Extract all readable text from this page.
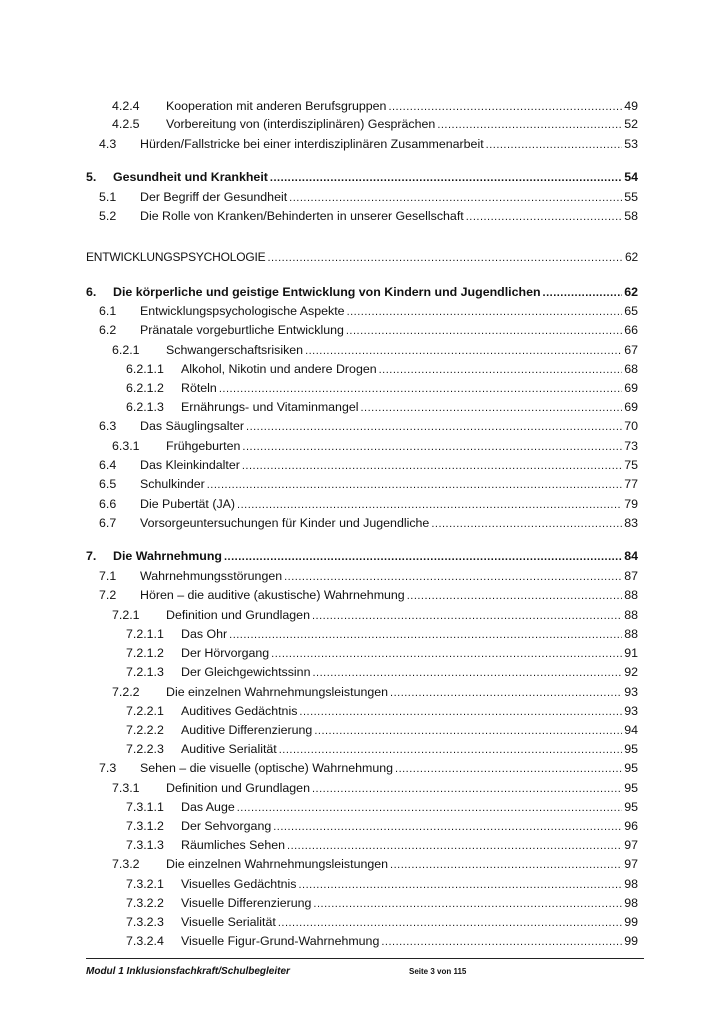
4.2.4 Kooperation mit anderen Berufsgruppen .....	49
4.2.5 Vorbereitung von (interdisziplinären) Gesprächen .....	52
4.3 Hürden/Fallstricke bei einer interdisziplinären Zusammenarbeit .....	53
5. Gesundheit und Krankheit .....	54
5.1 Der Begriff der Gesundheit .....	55
5.2 Die Rolle von Kranken/Behinderten in unserer Gesellschaft .....	58
ENTWICKLUNGSPSYCHOLOGIE .....	62
6. Die körperliche und geistige Entwicklung von Kindern und Jugendlichen .....	62
6.1 Entwicklungspsychologische Aspekte .....	65
6.2 Pränatale vorgeburtliche Entwicklung .....	66
6.2.1 Schwangerschaftsrisiken .....	67
6.2.1.1 Alkohol, Nikotin und andere Drogen .....	68
6.2.1.2 Röteln .....	69
6.2.1.3 Ernährungs- und Vitaminmangel .....	69
6.3 Das Säuglingsalter .....	70
6.3.1 Frühgeburten .....	73
6.4 Das Kleinkindalter .....	75
6.5 Schulkinder .....	77
6.6 Die Pubertät (JA) .....	79
6.7 Vorsorgeuntersuchungen für Kinder und Jugendliche .....	83
7. Die Wahrnehmung .....	84
7.1 Wahrnehmungsstörungen .....	87
7.2 Hören – die auditive (akustische) Wahrnehmung .....	88
7.2.1 Definition und Grundlagen .....	88
7.2.1.1 Das Ohr .....	88
7.2.1.2 Der Hörvorgang .....	91
7.2.1.3 Der Gleichgewichtssinn .....	92
7.2.2 Die einzelnen Wahrnehmungsleistungen .....	93
7.2.2.1 Auditives Gedächtnis .....	93
7.2.2.2 Auditive Differenzierung .....	94
7.2.2.3 Auditive Serialität .....	95
7.3 Sehen – die visuelle (optische) Wahrnehmung .....	95
7.3.1 Definition und Grundlagen .....	95
7.3.1.1 Das Auge .....	95
7.3.1.2 Der Sehvorgang .....	96
7.3.1.3 Räumliches Sehen .....	97
7.3.2 Die einzelnen Wahrnehmungsleistungen .....	97
7.3.2.1 Visuelles Gedächtnis .....	98
7.3.2.2 Visuelle Differenzierung .....	98
7.3.2.3 Visuelle Serialität .....	99
7.3.2.4 Visuelle Figur-Grund-Wahrnehmung .....	99
Modul 1 Inklusionsfachkraft/Schulbegleiter	Seite 3 von 115
